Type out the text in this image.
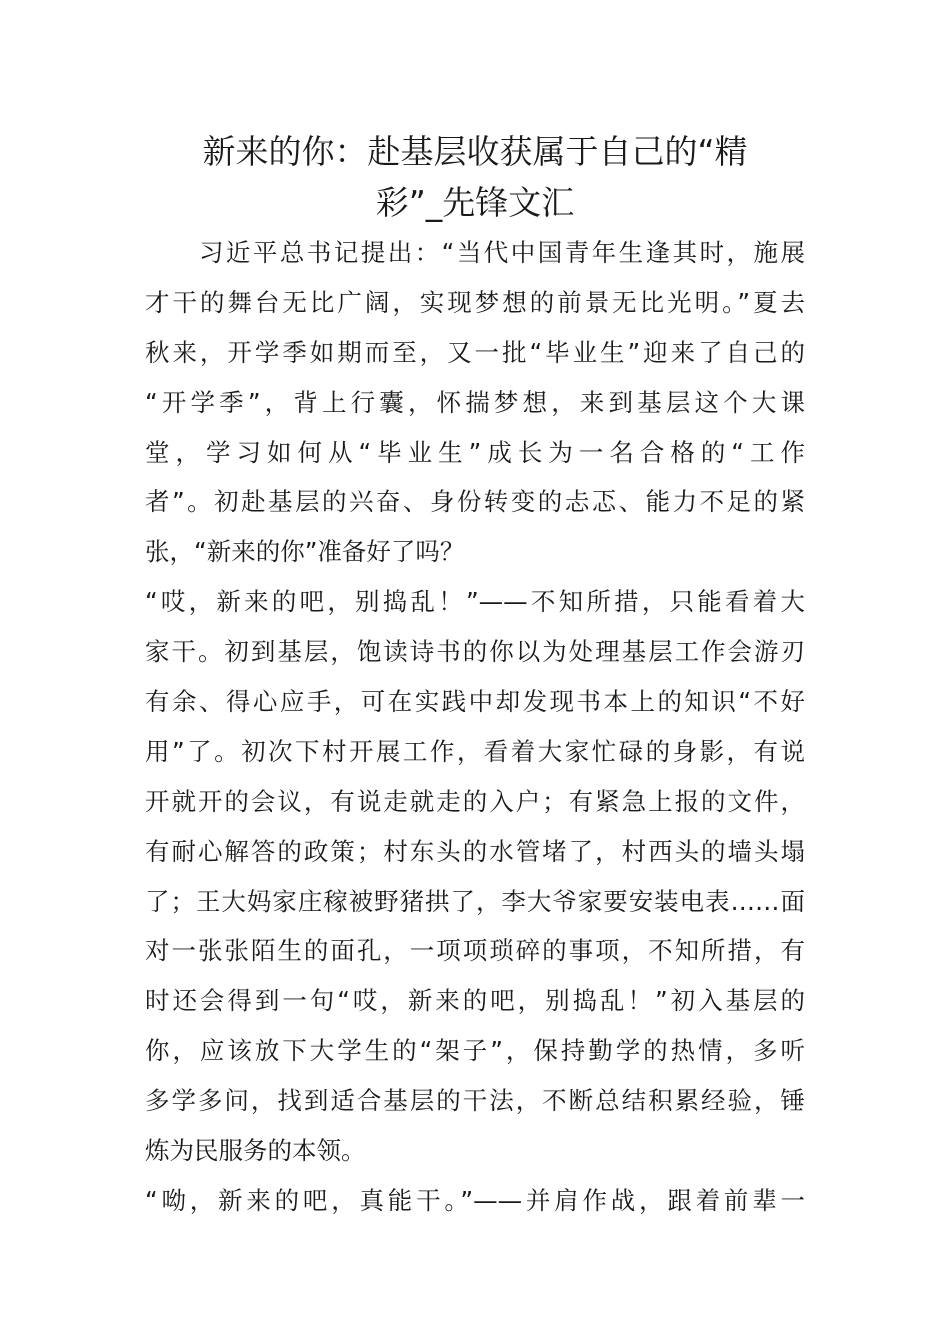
新来的你：赴基层收获属于自己的“精
彩”_先锋文汇
　　习近平总书记提出：“当代中国青年生逢其时，施展
才干的舞台无比广阔，实现梦想的前景无比光明。”夏去
秋来，开学季如期而至，又一批“毕业生”迎来了自己的
“开学季”，背上行囊，怀揣梦想，来到基层这个大课
堂，学习如何从“毕业生”成长为一名合格的“工作
者”。初赴基层的兴奋、身份转变的忐忑、能力不足的紧
张，“新来的你”准备好了吗？
“哎，新来的吧，别捣乱！”——不知所措，只能看着大
家干。初到基层，饱读诗书的你以为处理基层工作会游刃
有余、得心应手，可在实践中却发现书本上的知识“不好
用”了。初次下村开展工作，看着大家忙碌的身影，有说
开就开的会议，有说走就走的入户；有紧急上报的文件，
有耐心解答的政策；村东头的水管堵了，村西头的墙头塌
了；王大妈家庄稼被野猪拱了，李大爷家要安装电表……面
对一张张陌生的面孔，一项项琐碎的事项，不知所措，有
时还会得到一句“哎，新来的吧，别捣乱！”初入基层的
你，应该放下大学生的“架子”，保持勤学的热情，多听
多学多问，找到适合基层的干法，不断总结积累经验，锤
炼为民服务的本领。
“呦，新来的吧，真能干。”——并肩作战，跟着前辈一
